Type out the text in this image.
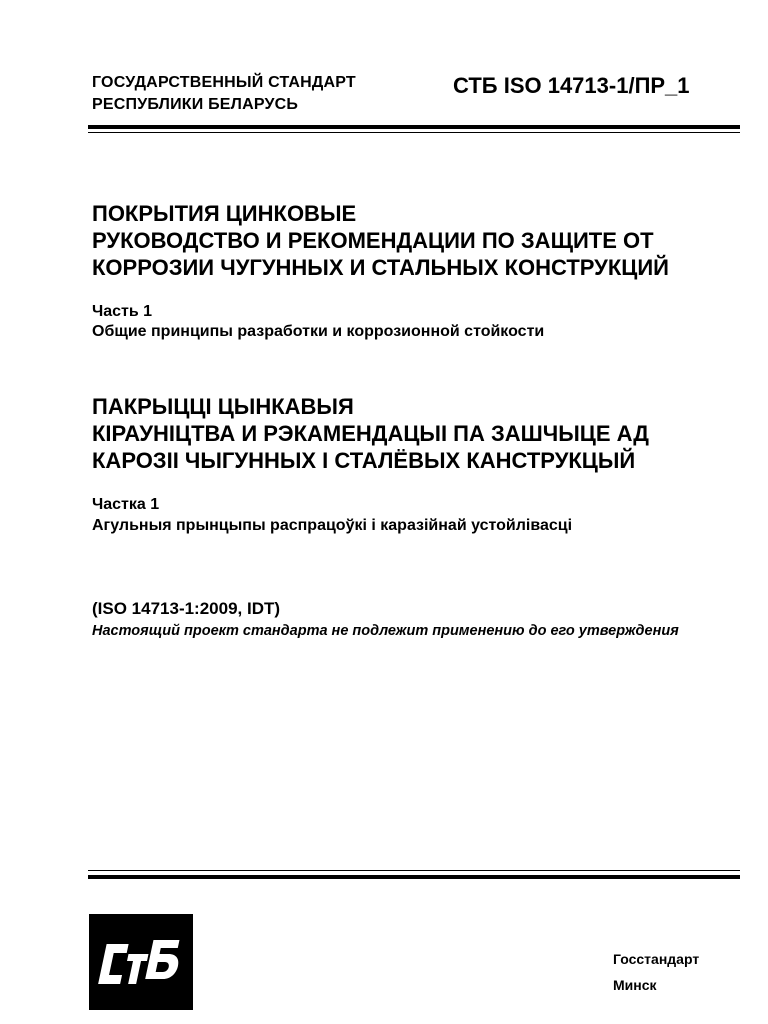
ГОСУДАРСТВЕННЫЙ СТАНДАРТ
РЕСПУБЛИКИ БЕЛАРУСЬ
СТБ ISO 14713-1/ПР_1
ПОКРЫТИЯ ЦИНКОВЫЕ
РУКОВОДСТВО И РЕКОМЕНДАЦИИ ПО ЗАЩИТЕ ОТ
КОРРОЗИИ ЧУГУННЫХ И СТАЛЬНЫХ КОНСТРУКЦИЙ
Часть 1
Общие принципы разработки и коррозионной стойкости
ПАКРЫЦЦІ ЦЫНКАВЫЯ
КІРАУНІЦТВА И РЭКАМЕНДАЦЫІ ПА ЗАШЧЫЦЕ АД
КАРОЗІІ ЧЫГУННЫХ І СТАЛЁВЫХ КАНСТРУКЦЫЙ
Частка 1
Агульныя прынцыпы распрацоўкі і каразійнай устойлівасці
(ISO 14713-1:2009, IDT)
Настоящий проект стандарта не подлежит применению до его утверждения
Госстандарт
Минск
